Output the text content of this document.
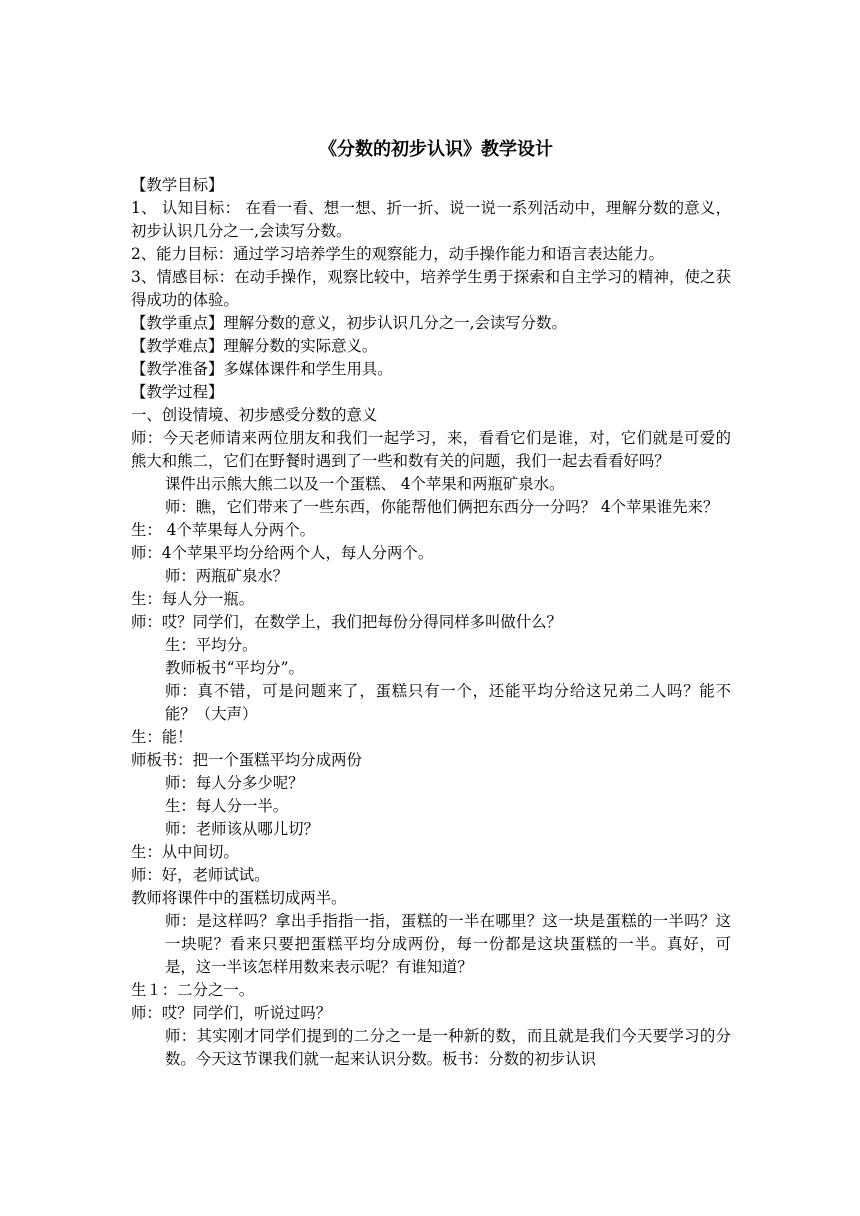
《分数的初步认识》教学设计
【教学目标】
1、 认知目标： 在看一看、想一想、折一折、说一说一系列活动中，理解分数的意义，初步认识几分之一,会读写分数。
2、能力目标：通过学习培养学生的观察能力，动手操作能力和语言表达能力。
3、情感目标：在动手操作，观察比较中，培养学生勇于探索和自主学习的精神，使之获得成功的体验。
【教学重点】理解分数的意义，初步认识几分之一,会读写分数。
【教学难点】理解分数的实际意义。
【教学准备】多媒体课件和学生用具。
【教学过程】
一、创设情境、初步感受分数的意义
师：今天老师请来两位朋友和我们一起学习，来，看看它们是谁，对，它们就是可爱的熊大和熊二，它们在野餐时遇到了一些和数有关的问题，我们一起去看看好吗？
课件出示熊大熊二以及一个蛋糕、 4个苹果和两瓶矿泉水。
师：瞧，它们带来了一些东西，你能帮他们俩把东西分一分吗？ 4个苹果谁先来？
生： 4个苹果每人分两个。
师：4个苹果平均分给两个人，每人分两个。
师：两瓶矿泉水？
生：每人分一瓶。
师：哎？同学们，在数学上，我们把每份分得同样多叫做什么？
生：平均分。
教师板书“平均分”。
师：真不错，可是问题来了，蛋糕只有一个，还能平均分给这兄弟二人吗？能不能？（大声）
生：能！
师板书：把一个蛋糕平均分成两份
师：每人分多少呢？
生：每人分一半。
师：老师该从哪儿切？
生：从中间切。
师：好，老师试试。
教师将课件中的蛋糕切成两半。
师：是这样吗？拿出手指指一指，蛋糕的一半在哪里？这一块是蛋糕的一半吗？这一块呢？看来只要把蛋糕平均分成两份，每一份都是这块蛋糕的一半。真好，可是，这一半该怎样用数来表示呢？有谁知道？
生１：二分之一。
师：哎？同学们，听说过吗？
师：其实刚才同学们提到的二分之一是一种新的数，而且就是我们今天要学习的分数。今天这节课我们就一起来认识分数。板书：分数的初步认识
